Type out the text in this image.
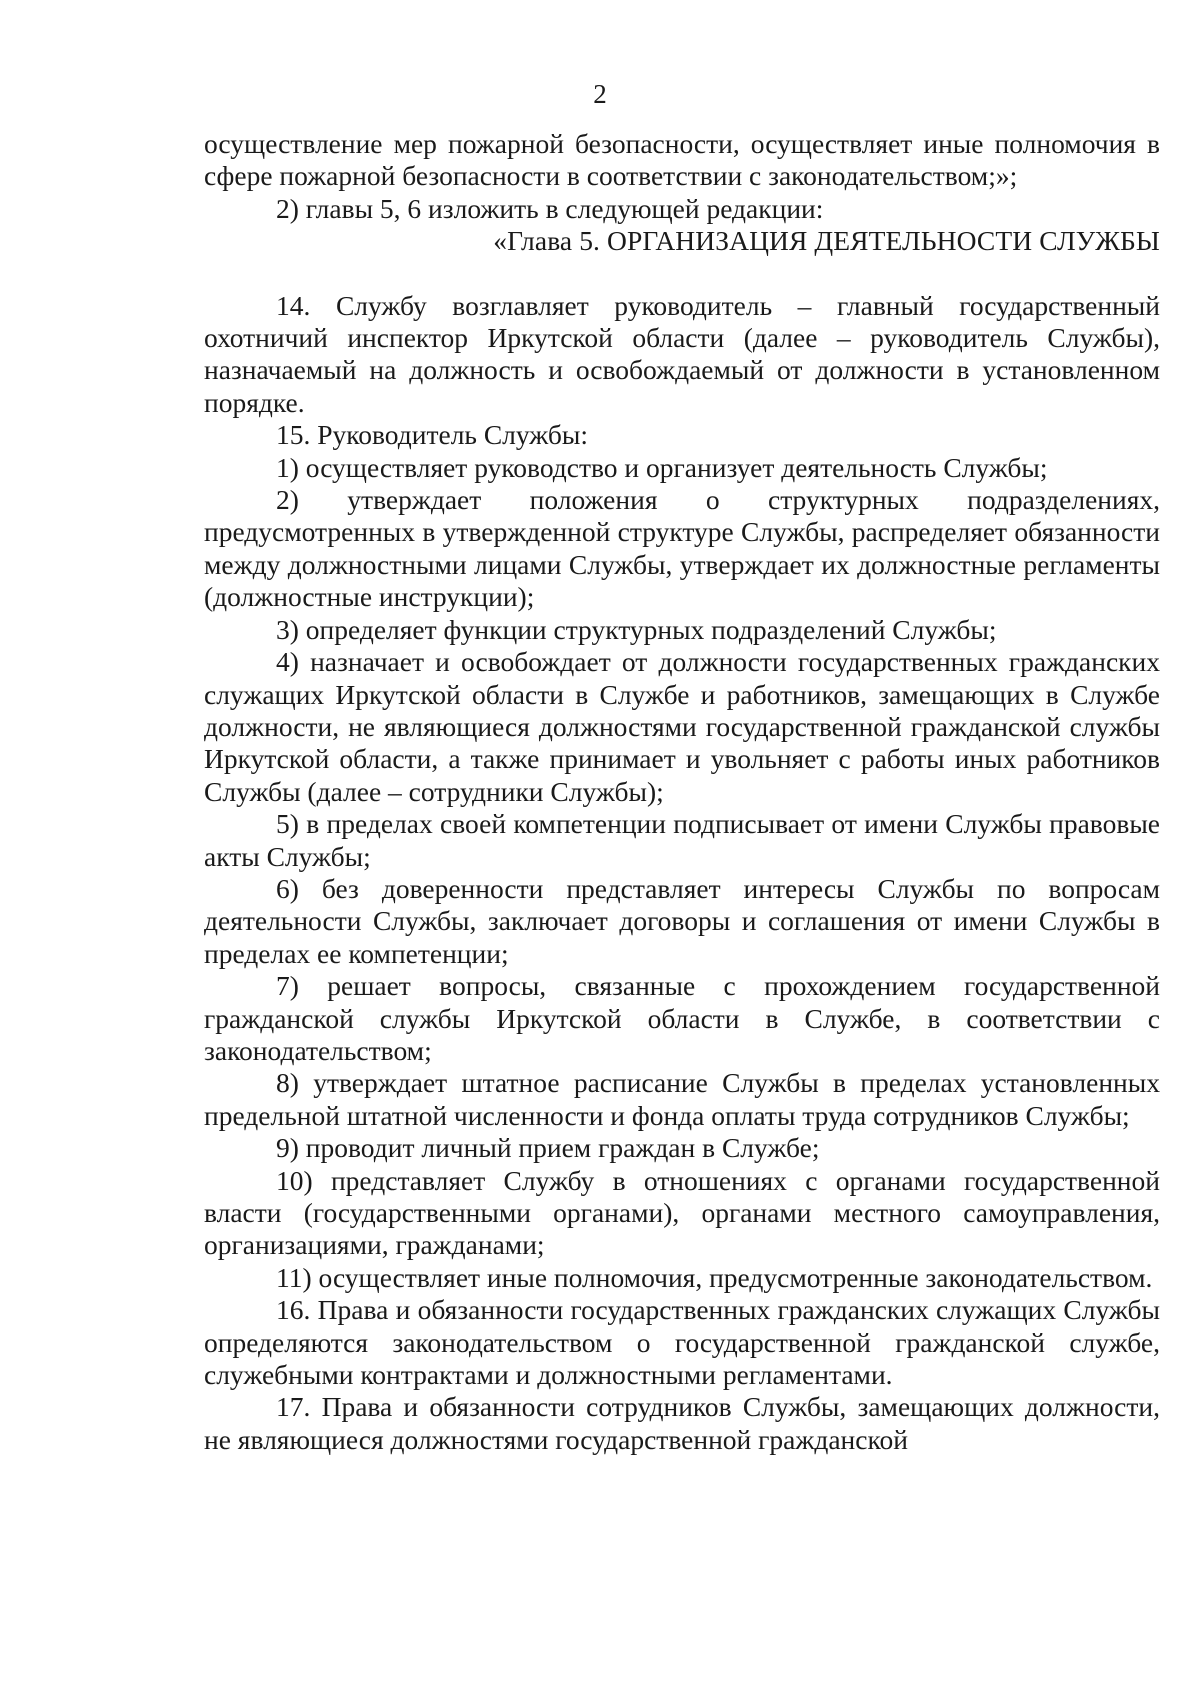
2

осуществление мер пожарной безопасности, осуществляет иные полномочия в сфере пожарной безопасности в соответствии с законодательством;»;

2) главы 5, 6 изложить в следующей редакции:

«Глава 5. ОРГАНИЗАЦИЯ ДЕЯТЕЛЬНОСТИ СЛУЖБЫ

14. Службу возглавляет руководитель – главный государственный охотничий инспектор Иркутской области (далее – руководитель Службы), назначаемый на должность и освобождаемый от должности в установленном порядке.

15. Руководитель Службы:

1) осуществляет руководство и организует деятельность Службы;

2) утверждает положения о структурных подразделениях, предусмотренных в утвержденной структуре Службы, распределяет обязанности между должностными лицами Службы, утверждает их должностные регламенты (должностные инструкции);

3) определяет функции структурных подразделений Службы;

4) назначает и освобождает от должности государственных гражданских служащих Иркутской области в Службе и работников, замещающих в Службе должности, не являющиеся должностями государственной гражданской службы Иркутской области, а также принимает и увольняет с работы иных работников Службы (далее – сотрудники Службы);

5) в пределах своей компетенции подписывает от имени Службы правовые акты Службы;

6) без доверенности представляет интересы Службы по вопросам деятельности Службы, заключает договоры и соглашения от имени Службы в пределах ее компетенции;

7) решает вопросы, связанные с прохождением государственной гражданской службы Иркутской области в Службе, в соответствии с законодательством;

8) утверждает штатное расписание Службы в пределах установленных предельной штатной численности и фонда оплаты труда сотрудников Службы;

9) проводит личный прием граждан в Службе;

10) представляет Службу в отношениях с органами государственной власти (государственными органами), органами местного самоуправления, организациями, гражданами;

11) осуществляет иные полномочия, предусмотренные законодательством.

16. Права и обязанности государственных гражданских служащих Службы определяются законодательством о государственной гражданской службе, служебными контрактами и должностными регламентами.

17. Права и обязанности сотрудников Службы, замещающих должности, не являющиеся должностями государственной гражданской
